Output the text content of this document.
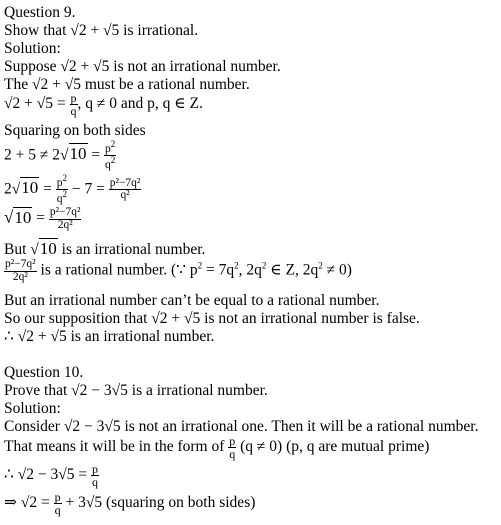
Question 9.
Show that √2 + √5 is irrational.
Solution:
Suppose √2 + √5 is not an irrational number.
The √2 + √5 must be a rational number.
$√2 + √5 = \frac{p}{q}$ , q ≠ 0 and p, q ∈ Z.
Squaring on both sides
$2 + 5 \ne 2√10 = \frac{p^2}{q^2}$
$2√10 = \frac{p^2}{q^2} - 7 = \frac{\text{p²−7q²}}{\text{q²}}$
$√10 = \frac{\text{p²−7q²}}{\text{2q²}}$
But √10 is an irrational number.
$\frac{\text{p²−7q²}}{\text{2q²}}$ is a rational number. (∵ $p^2 = 7q^2$, $2q^2$ ∈ Z, $2q^2 \ne 0$)
But an irrational number can’t be equal to a rational number.
So our supposition that √2 + √5 is not an irrational number is false.
∴ √2 + √5 is an irrational number.
Question 10.
Prove that √2 − 3√5 is a irrational number.
Solution:
Consider √2 − 3√5 is not an irrational one. Then it will be a rational number.
That means it will be in the form of $\frac{p}{q} (q \ne 0)$ (p, q are mutual prime)
∴ $√2 - 3√5 = \frac{p}{q}$
⇒ $√2 = \frac{p}{q} + 3√5$ (squaring on both sides)
